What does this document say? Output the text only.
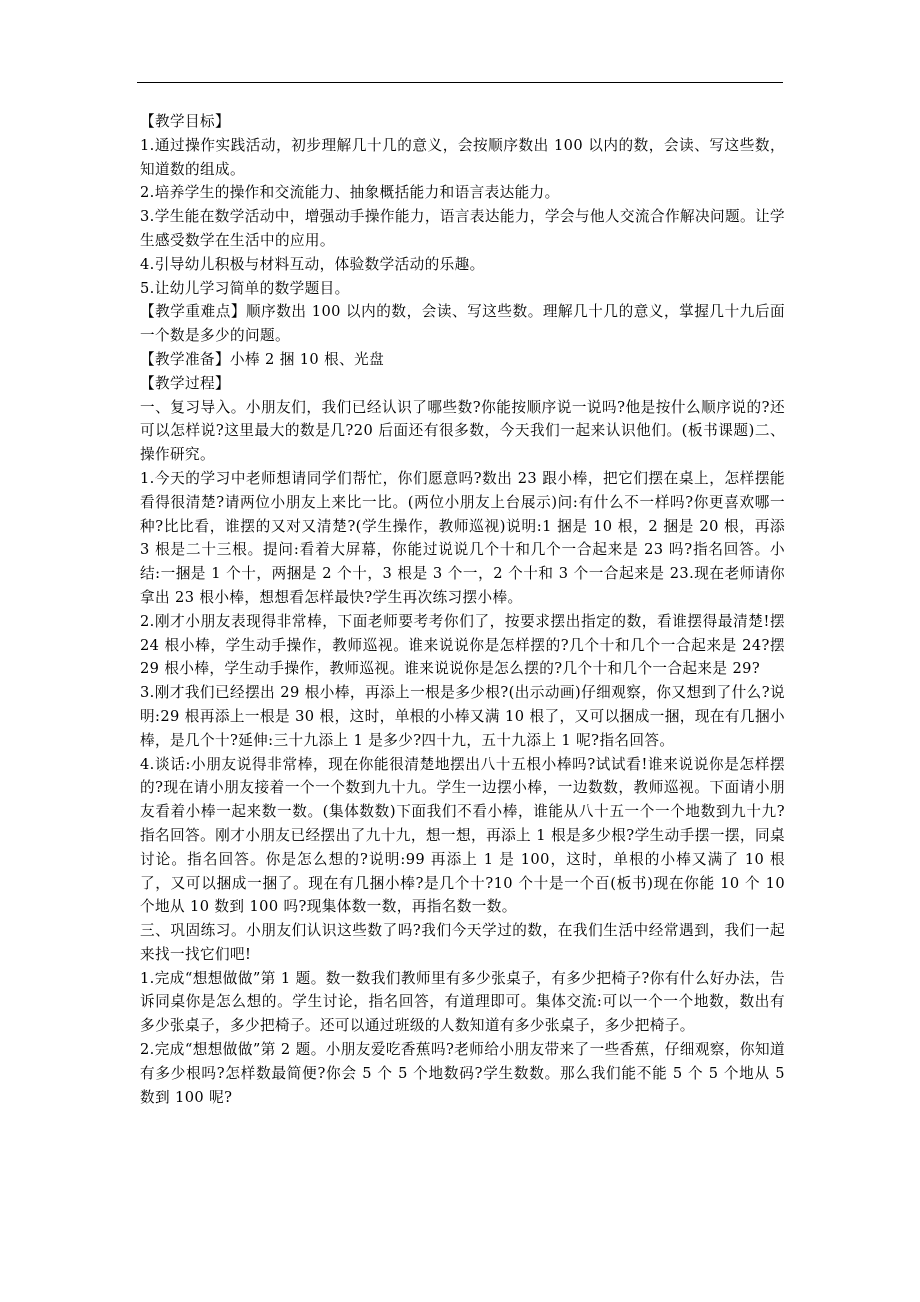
【教学目标】

1.通过操作实践活动，初步理解几十几的意义，会按顺序数出 100 以内的数，会读、写这些数，知道数的组成。

2.培养学生的操作和交流能力、抽象概括能力和语言表达能力。

3.学生能在数学活动中，增强动手操作能力，语言表达能力，学会与他人交流合作解决问题。让学生感受数学在生活中的应用。

4.引导幼儿积极与材料互动，体验数学活动的乐趣。

5.让幼儿学习简单的数学题目。

【教学重难点】顺序数出 100 以内的数，会读、写这些数。理解几十几的意义，掌握几十九后面一个数是多少的问题。

【教学准备】小棒 2 捆 10 根、光盘

【教学过程】

一、复习导入。小朋友们，我们已经认识了哪些数?你能按顺序说一说吗?他是按什么顺序说的?还可以怎样说?这里最大的数是几?20 后面还有很多数，今天我们一起来认识他们。(板书课题)二、操作研究。

1.今天的学习中老师想请同学们帮忙，你们愿意吗?数出 23 跟小棒，把它们摆在桌上，怎样摆能看得很清楚?请两位小朋友上来比一比。(两位小朋友上台展示)问:有什么不一样吗?你更喜欢哪一种?比比看，谁摆的又对又清楚?(学生操作，教师巡视)说明:1 捆是 10 根，2 捆是 20 根，再添 3 根是二十三根。提问:看着大屏幕，你能过说说几个十和几个一合起来是 23 吗?指名回答。小结:一捆是 1 个十，两捆是 2 个十，3 根是 3 个一，2 个十和 3 个一合起来是 23.现在老师请你拿出 23 根小棒，想想看怎样最快?学生再次练习摆小棒。

2.刚才小朋友表现得非常棒，下面老师要考考你们了，按要求摆出指定的数，看谁摆得最清楚!摆 24 根小棒，学生动手操作，教师巡视。谁来说说你是怎样摆的?几个十和几个一合起来是 24?摆 29 根小棒，学生动手操作，教师巡视。谁来说说你是怎么摆的?几个十和几个一合起来是 29?

3.刚才我们已经摆出 29 根小棒，再添上一根是多少根?(出示动画)仔细观察，你又想到了什么?说明:29 根再添上一根是 30 根，这时，单根的小棒又满 10 根了，又可以捆成一捆，现在有几捆小棒，是几个十?延伸:三十九添上 1 是多少?四十九，五十九添上 1 呢?指名回答。

4.谈话:小朋友说得非常棒，现在你能很清楚地摆出八十五根小棒吗?试试看!谁来说说你是怎样摆的?现在请小朋友接着一个一个数到九十九。学生一边摆小棒，一边数数，教师巡视。下面请小朋友看着小棒一起来数一数。(集体数数)下面我们不看小棒，谁能从八十五一个一个地数到九十九?指名回答。刚才小朋友已经摆出了九十九，想一想，再添上 1 根是多少根?学生动手摆一摆，同桌讨论。指名回答。你是怎么想的?说明:99 再添上 1 是 100，这时，单根的小棒又满了 10 根了，又可以捆成一捆了。现在有几捆小棒?是几个十?10 个十是一个百(板书)现在你能 10 个 10 个地从 10 数到 100 吗?现集体数一数，再指名数一数。

三、巩固练习。小朋友们认识这些数了吗?我们今天学过的数，在我们生活中经常遇到，我们一起来找一找它们吧!

1.完成“想想做做”第 1 题。数一数我们教师里有多少张桌子，有多少把椅子?你有什么好办法，告诉同桌你是怎么想的。学生讨论，指名回答，有道理即可。集体交流:可以一个一个地数，数出有多少张桌子，多少把椅子。还可以通过班级的人数知道有多少张桌子，多少把椅子。

2.完成“想想做做”第 2 题。小朋友爱吃香蕉吗?老师给小朋友带来了一些香蕉，仔细观察，你知道有多少根吗?怎样数最简便?你会 5 个 5 个地数码?学生数数。那么我们能不能 5 个 5 个地从 5 数到 100 呢?
